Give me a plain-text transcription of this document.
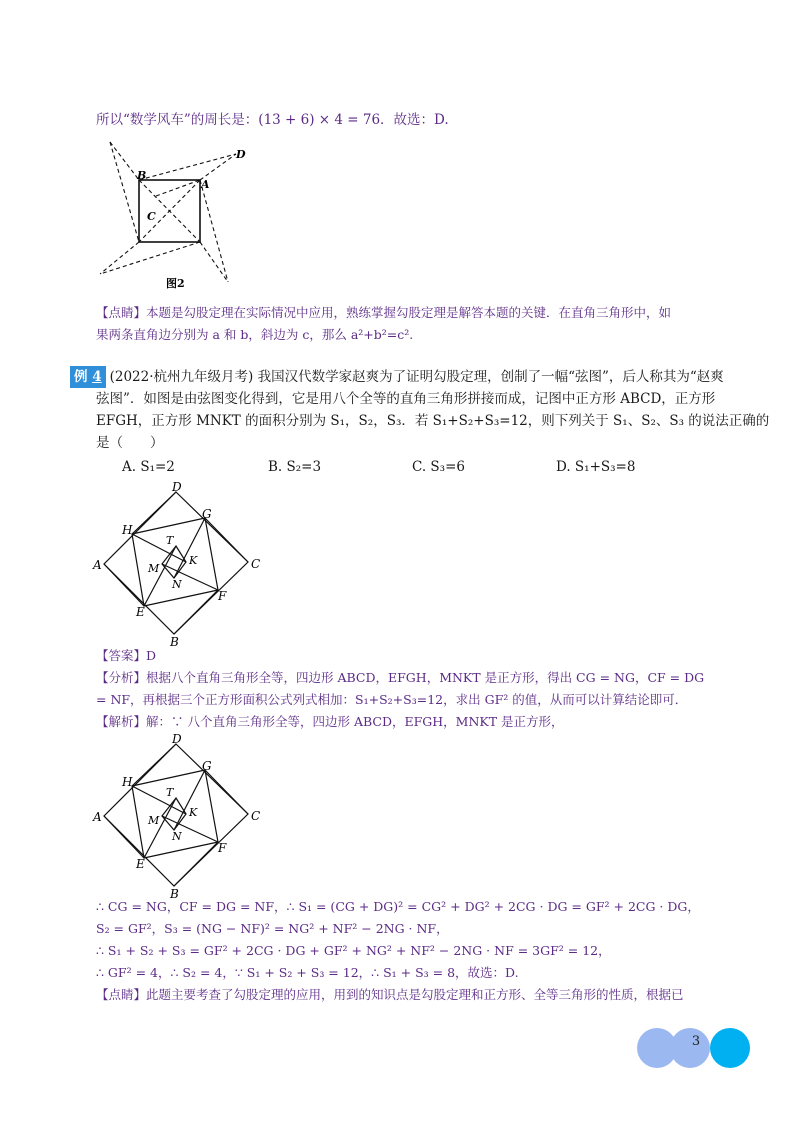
所以“数学风车”的周长是：(13 + 6) × 4 = 76．故选：D.
D
B
A
C
图2
【点睛】本题是勾股定理在实际情况中应用，熟练掌握勾股定理是解答本题的关键．在直角三角形中，如
果两条直角边分别为 a 和 b，斜边为 c，那么 a²+b²=c².
例 4 (2022·杭州九年级月考) 我国汉代数学家赵爽为了证明勾股定理，创制了一幅“弦图”，后人称其为“赵爽
弦图”．如图是由弦图变化得到，它是用八个全等的直角三角形拼接而成，记图中正方形 ABCD，正方形
EFGH，正方形 MNKT 的面积分别为 S₁，S₂，S₃．若 S₁+S₂+S₃=12，则下列关于 S₁、S₂、S₃ 的说法正确的
是（　　）
A. S₁=2	B. S₂=3	C. S₃=6	D. S₁+S₃=8
D
A	C
B
H
G
F
E
T
K
M
N
【答案】D
【分析】根据八个直角三角形全等，四边形 ABCD，EFGH，MNKT 是正方形，得出 CG = NG，CF = DG
= NF，再根据三个正方形面积公式列式相加：S₁+S₂+S₃=12，求出 GF² 的值，从而可以计算结论即可．
【解析】解：∵ 八个直角三角形全等，四边形 ABCD，EFGH，MNKT 是正方形，
D
A	C
B
H
G
F
E
T
K
M
N
∴ CG = NG，CF = DG = NF，∴ S₁ = (CG + DG)² = CG² + DG² + 2CG · DG = GF² + 2CG · DG，
S₂ = GF²，S₃ = (NG − NF)² = NG² + NF² − 2NG · NF，
∴ S₁ + S₂ + S₃ = GF² + 2CG · DG + GF² + NG² + NF² − 2NG · NF = 3GF² = 12，
∴ GF² = 4，∴ S₂ = 4，∵ S₁ + S₂ + S₃ = 12，∴ S₁ + S₃ = 8，故选：D.
【点睛】此题主要考查了勾股定理的应用，用到的知识点是勾股定理和正方形、全等三角形的性质，根据已
3
